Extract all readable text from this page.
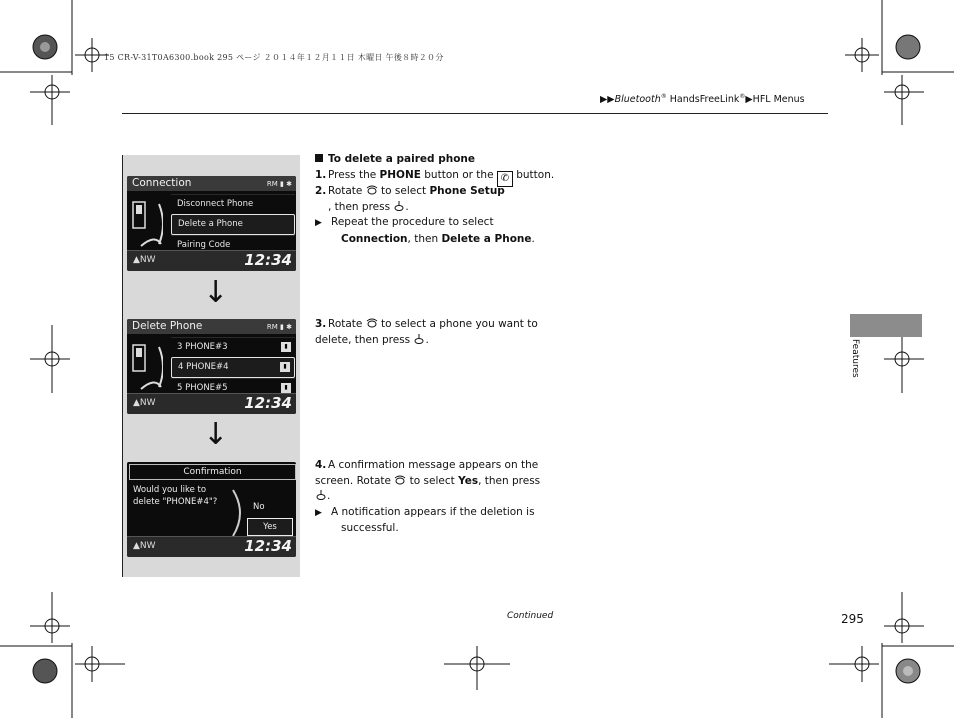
15 CR-V-31T0A6300.book 295 ページ ２０１４年１２月１１日 木曜日 午後８時２０分
▶▶Bluetooth® HandsFreeLink®▶HFL Menus
Connection	RM ▮ ✱
Disconnect Phone
Delete a Phone
Pairing Code
▲NW	12:34
↓
Delete Phone	RM ▮ ✱
3 PHONE#3	▮
4 PHONE#4	▮
5 PHONE#5	▮
▲NW	12:34
↓
Confirmation
Would you like to delete "PHONE#4"?	No
Yes
▲NW	12:34
To delete a paired phone
1. Press the PHONE button or the ✆ button.
2. Rotate  to select Phone Setup
, then press .
▶ Repeat the procedure to select Connection, then Delete a Phone.
3. Rotate  to select a phone you want to delete, then press .
4. A confirmation message appears on the screen. Rotate  to select Yes, then press .
▶ A notification appears if the deletion is successful.
Features
Continued	295
